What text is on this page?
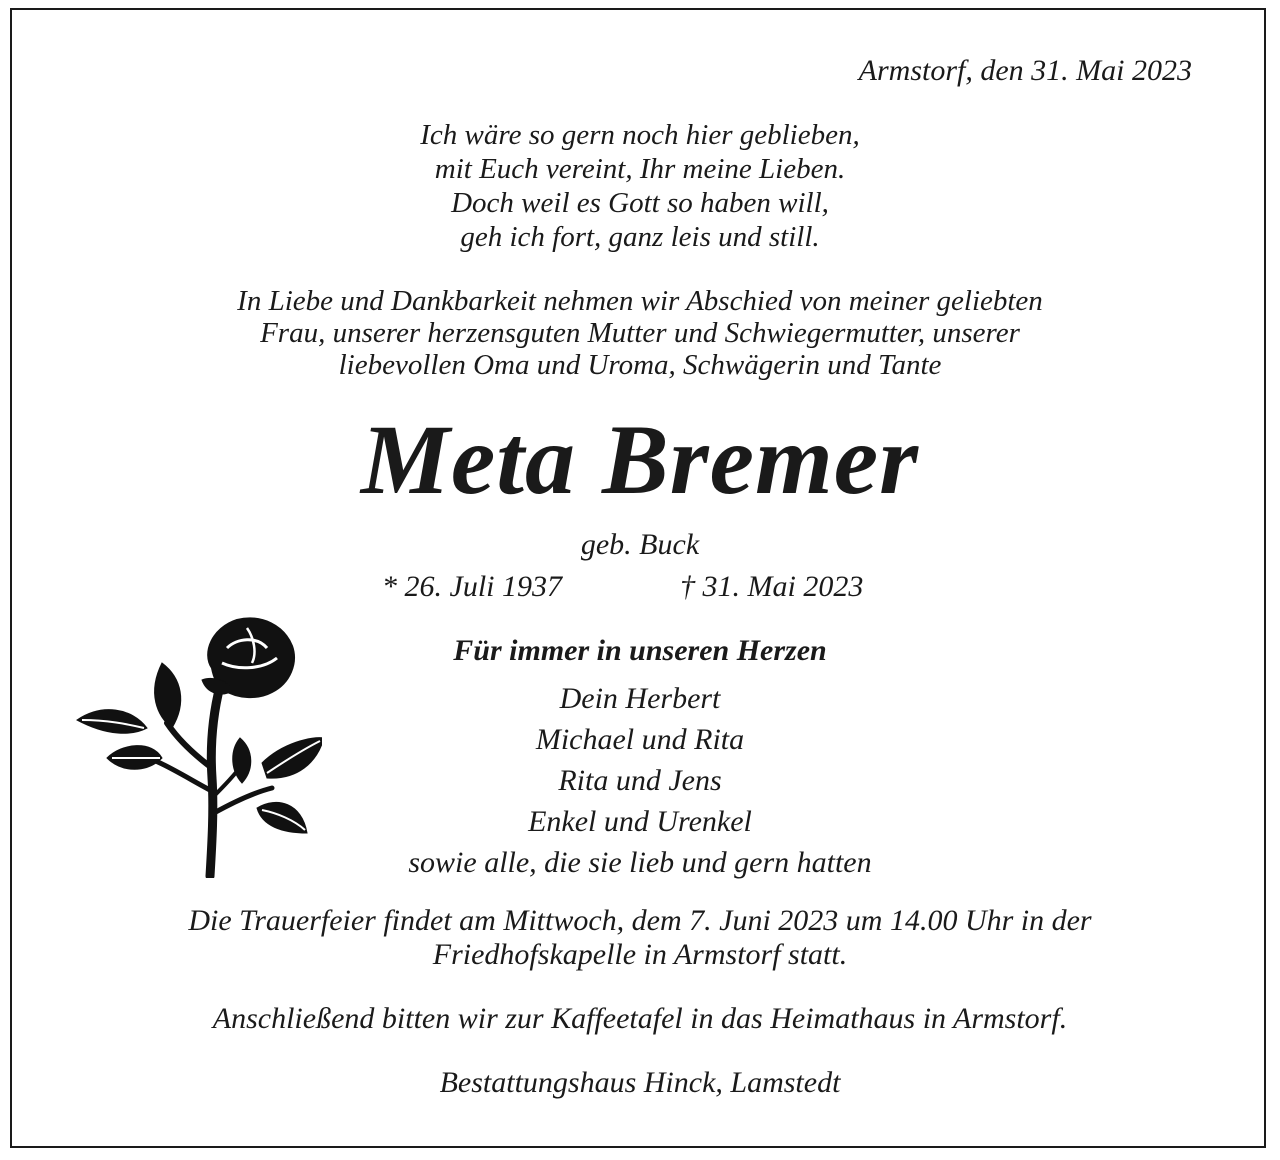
Armstorf, den 31. Mai 2023
Ich wäre so gern noch hier geblieben,
mit Euch vereint, Ihr meine Lieben.
Doch weil es Gott so haben will,
geh ich fort, ganz leis und still.
In Liebe und Dankbarkeit nehmen wir Abschied von meiner geliebten
Frau, unserer herzensguten Mutter und Schwiegermutter, unserer
liebevollen Oma und Uroma, Schwägerin und Tante
Meta Bremer
geb. Buck
* 26. Juli 1937	† 31. Mai 2023
Für immer in unseren Herzen
Dein Herbert
Michael und Rita
Rita und Jens
Enkel und Urenkel
sowie alle, die sie lieb und gern hatten
Die Trauerfeier findet am Mittwoch, dem 7. Juni 2023 um 14.00 Uhr in der
Friedhofskapelle in Armstorf statt.
Anschließend bitten wir zur Kaffeetafel in das Heimathaus in Armstorf.
Bestattungshaus Hinck, Lamstedt
